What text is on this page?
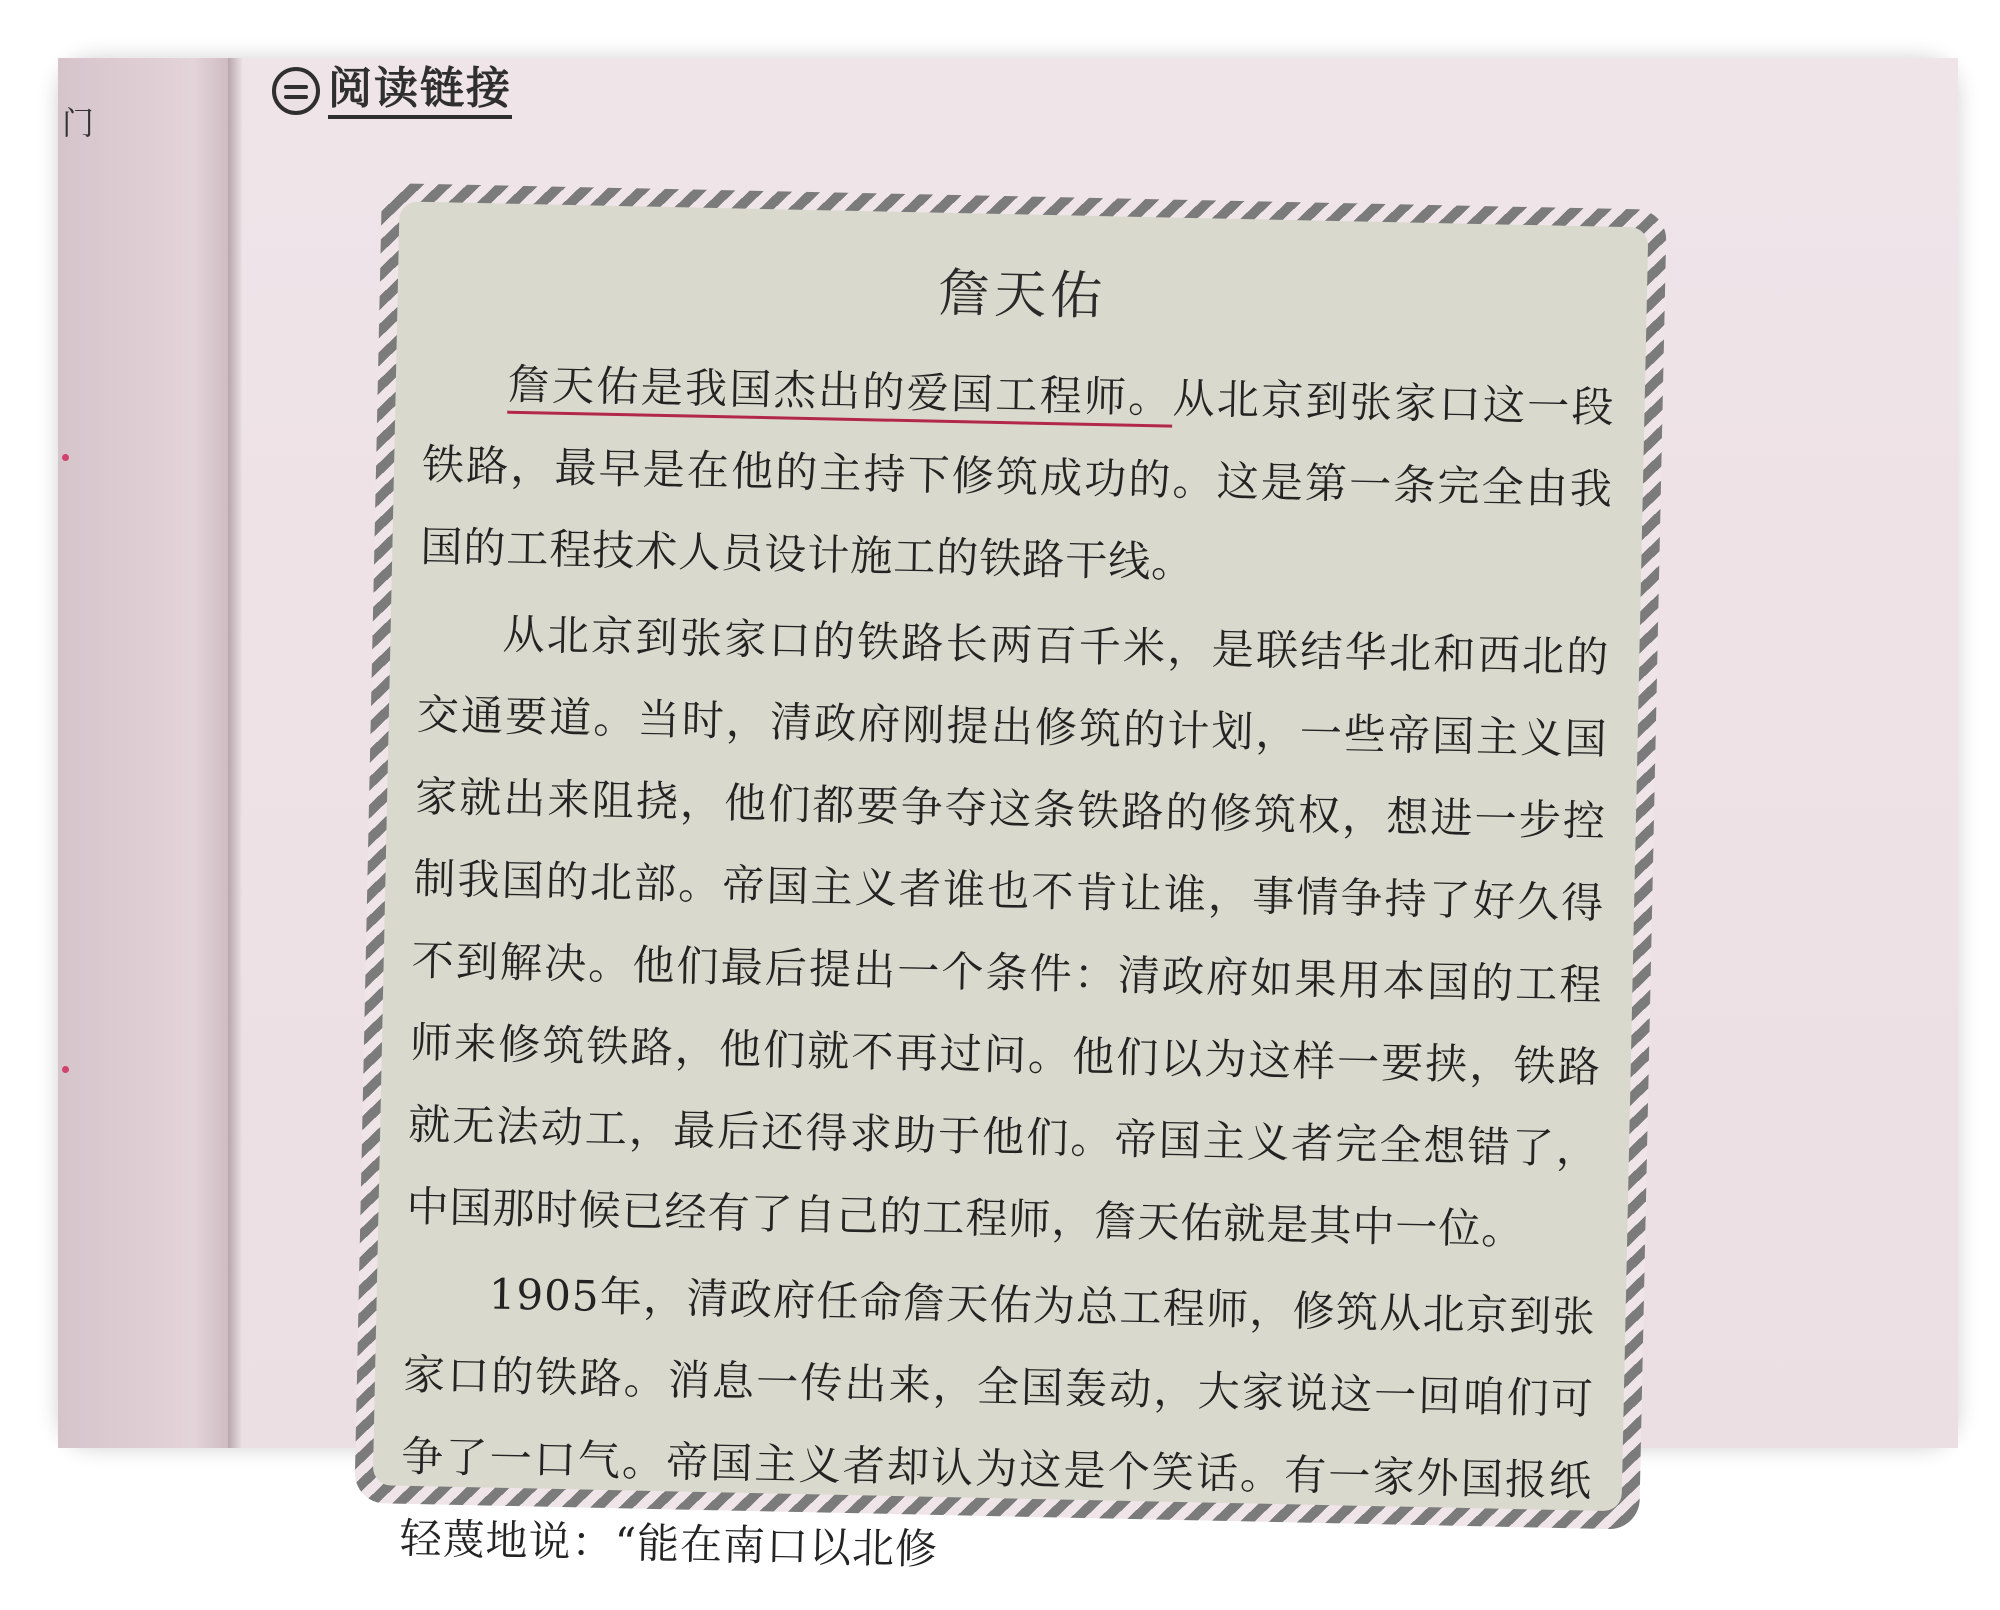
门
阅读链接
詹天佑

詹天佑是我国杰出的爱国工程师。从北京到张家口这一段铁路，最早是在他的主持下修筑成功的。这是第一条完全由我国的工程技术人员设计施工的铁路干线。

从北京到张家口的铁路长两百千米，是联结华北和西北的交通要道。当时，清政府刚提出修筑的计划，一些帝国主义国家就出来阻挠，他们都要争夺这条铁路的修筑权，想进一步控制我国的北部。帝国主义者谁也不肯让谁，事情争持了好久得不到解决。他们最后提出一个条件：清政府如果用本国的工程师来修筑铁路，他们就不再过问。他们以为这样一要挟，铁路就无法动工，最后还得求助于他们。帝国主义者完全想错了，中国那时候已经有了自己的工程师，詹天佑就是其中一位。

1905年，清政府任命詹天佑为总工程师，修筑从北京到张家口的铁路。消息一传出来，全国轰动，大家说这一回咱们可争了一口气。帝国主义者却认为这是个笑话。有一家外国报纸轻蔑地说：“能在南口以北修
